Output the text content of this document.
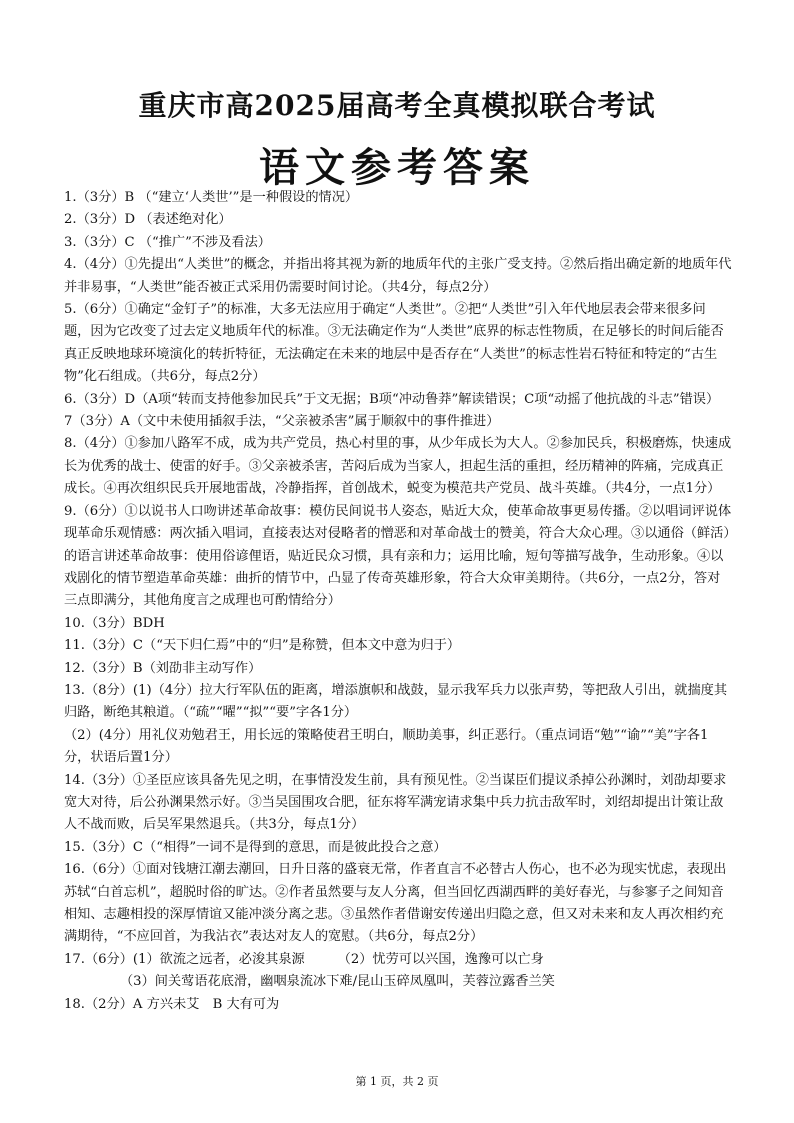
重庆市高2025届高考全真模拟联合考试
语文参考答案
1.（3分）B （“建立‘人类世’”是一种假设的情况）
2.（3分）D （表述绝对化）
3.（3分）C （“推广”不涉及看法）
4.（4分）①先提出“人类世”的概念，并指出将其视为新的地质年代的主张广受支持。②然后指出确定新的地质年代并非易事，“人类世”能否被正式采用仍需要时间讨论。（共4分，每点2分）
5.（6分）①确定“金钉子”的标准，大多无法应用于确定“人类世”。②把“人类世”引入年代地层表会带来很多问题，因为它改变了过去定义地质年代的标准。③无法确定作为“人类世”底界的标志性物质，在足够长的时间后能否真正反映地球环境演化的转折特征，无法确定在未来的地层中是否存在“人类世”的标志性岩石特征和特定的“古生物”化石组成。（共6分，每点2分）
6.（3分）D（A项“转而支持他参加民兵”于文无据；B项“冲动鲁莽”解读错误；C项“动摇了他抗战的斗志”错误）
7（3分）A（文中未使用插叙手法，“父亲被杀害”属于顺叙中的事件推进）
8.（4分）①参加八路军不成，成为共产党员，热心村里的事，从少年成长为大人。②参加民兵，积极磨炼，快速成长为优秀的战士、使雷的好手。③父亲被杀害，苦闷后成为当家人，担起生活的重担，经历精神的阵痛，完成真正成长。④再次组织民兵开展地雷战，冷静指挥，首创战术，蜕变为模范共产党员、战斗英雄。（共4分，一点1分）
9.（6分）①以说书人口吻讲述革命故事：模仿民间说书人姿态，贴近大众，使革命故事更易传播。②以唱词评说体现革命乐观情感：两次插入唱词，直接表达对侵略者的憎恶和对革命战士的赞美，符合大众心理。③以通俗（鲜活）的语言讲述革命故事：使用俗谚俚语，贴近民众习惯，具有亲和力；运用比喻，短句等描写战争，生动形象。④以戏剧化的情节塑造革命英雄：曲折的情节中，凸显了传奇英雄形象，符合大众审美期待。（共6分，一点2分，答对三点即满分，其他角度言之成理也可酌情给分）
10.（3分）BDH
11.（3分）C（“天下归仁焉”中的“归”是称赞，但本文中意为归于）
12.（3分）B（刘劭非主动写作）
13.（8分）(1)（4分）拉大行军队伍的距离，增添旗帜和战鼓，显示我军兵力以张声势，等把敌人引出，就揣度其归路，断绝其粮道。（“疏”“曜”“拟”“要”字各1分）
（2）(4分）用礼仪劝勉君王，用长远的策略使君王明白，顺助美事，纠正恶行。（重点词语“勉”“谕”“美”字各1分，状语后置1分）
14.（3分）①圣臣应该具备先见之明，在事情没发生前，具有预见性。②当谋臣们提议杀掉公孙渊时，刘劭却要求宽大对待，后公孙渊果然示好。③当吴国围攻合肥，征东将军满宠请求集中兵力抗击敌军时，刘绍却提出计策让敌人不战而败，后吴军果然退兵。（共3分，每点1分）
15.（3分）C（“相得”一词不是得到的意思，而是彼此投合之意）
16.（6分）①面对钱塘江潮去潮回，日升日落的盛衰无常，作者直言不必替古人伤心，也不必为现实忧虑，表现出苏轼“白首忘机”，超脱时俗的旷达。②作者虽然要与友人分离，但当回忆西湖西畔的美好春光，与参寥子之间知音相知、志趣相投的深厚情谊又能冲淡分离之悲。③虽然作者借谢安传递出归隐之意，但又对未来和友人再次相约充满期待，“不应回首，为我沾衣”表达对友人的宽慰。（共6分，每点2分）
17.（6分）(1）欲流之远者，必浚其泉源　　　（2）忧劳可以兴国，逸豫可以亡身
（3）间关莺语花底滑，幽咽泉流冰下难/昆山玉碎凤凰叫，芙蓉泣露香兰笑
18.（2分）A 方兴未艾　B 大有可为
第 1 页，共 2 页
